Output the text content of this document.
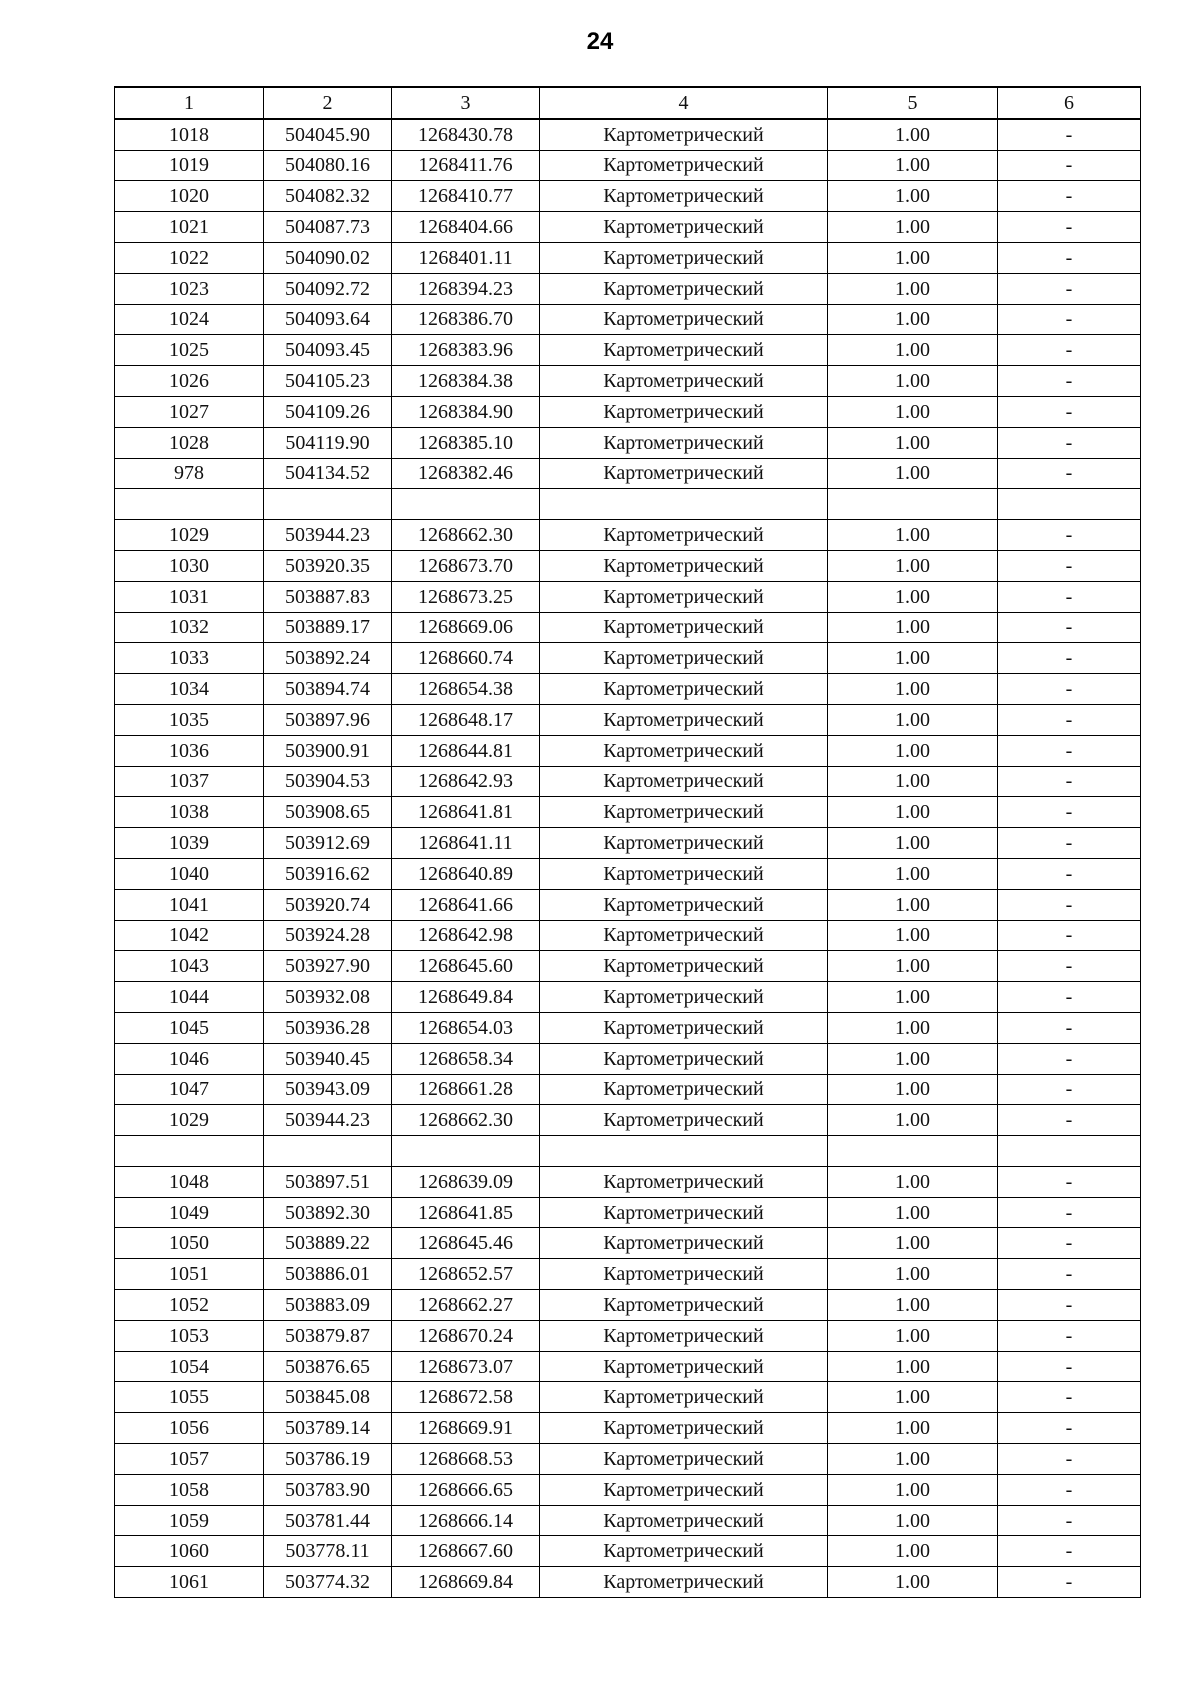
24
1	2	3	4	5	6
1018	504045.90	1268430.78	Картометрический	1.00	-
1019	504080.16	1268411.76	Картометрический	1.00	-
1020	504082.32	1268410.77	Картометрический	1.00	-
1021	504087.73	1268404.66	Картометрический	1.00	-
1022	504090.02	1268401.11	Картометрический	1.00	-
1023	504092.72	1268394.23	Картометрический	1.00	-
1024	504093.64	1268386.70	Картометрический	1.00	-
1025	504093.45	1268383.96	Картометрический	1.00	-
1026	504105.23	1268384.38	Картометрический	1.00	-
1027	504109.26	1268384.90	Картометрический	1.00	-
1028	504119.90	1268385.10	Картометрический	1.00	-
978	504134.52	1268382.46	Картометрический	1.00	-

1029	503944.23	1268662.30	Картометрический	1.00	-
1030	503920.35	1268673.70	Картометрический	1.00	-
1031	503887.83	1268673.25	Картометрический	1.00	-
1032	503889.17	1268669.06	Картометрический	1.00	-
1033	503892.24	1268660.74	Картометрический	1.00	-
1034	503894.74	1268654.38	Картометрический	1.00	-
1035	503897.96	1268648.17	Картометрический	1.00	-
1036	503900.91	1268644.81	Картометрический	1.00	-
1037	503904.53	1268642.93	Картометрический	1.00	-
1038	503908.65	1268641.81	Картометрический	1.00	-
1039	503912.69	1268641.11	Картометрический	1.00	-
1040	503916.62	1268640.89	Картометрический	1.00	-
1041	503920.74	1268641.66	Картометрический	1.00	-
1042	503924.28	1268642.98	Картометрический	1.00	-
1043	503927.90	1268645.60	Картометрический	1.00	-
1044	503932.08	1268649.84	Картометрический	1.00	-
1045	503936.28	1268654.03	Картометрический	1.00	-
1046	503940.45	1268658.34	Картометрический	1.00	-
1047	503943.09	1268661.28	Картометрический	1.00	-
1029	503944.23	1268662.30	Картометрический	1.00	-

1048	503897.51	1268639.09	Картометрический	1.00	-
1049	503892.30	1268641.85	Картометрический	1.00	-
1050	503889.22	1268645.46	Картометрический	1.00	-
1051	503886.01	1268652.57	Картометрический	1.00	-
1052	503883.09	1268662.27	Картометрический	1.00	-
1053	503879.87	1268670.24	Картометрический	1.00	-
1054	503876.65	1268673.07	Картометрический	1.00	-
1055	503845.08	1268672.58	Картометрический	1.00	-
1056	503789.14	1268669.91	Картометрический	1.00	-
1057	503786.19	1268668.53	Картометрический	1.00	-
1058	503783.90	1268666.65	Картометрический	1.00	-
1059	503781.44	1268666.14	Картометрический	1.00	-
1060	503778.11	1268667.60	Картометрический	1.00	-
1061	503774.32	1268669.84	Картометрический	1.00	-
